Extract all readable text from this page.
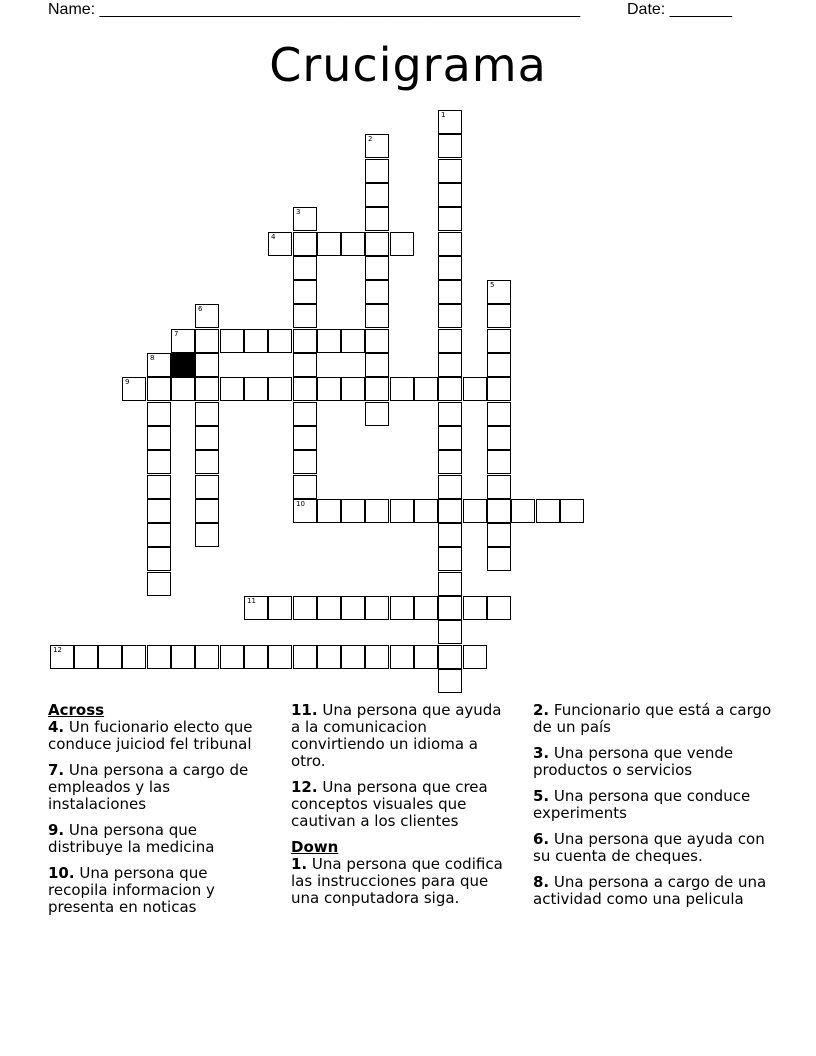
Name: ______________________________________________________	Date: _______
Crucigrama
1
2
3
4
5
6
7
8
9
10
11
12
Across
4. Un fucionario electo que conduce juiciod fel tribunal
7. Una persona a cargo de empleados y las instalaciones
9. Una persona que distribuye la medicina
10. Una persona que recopila informacion y presenta en noticas
11. Una persona que ayuda a la comunicacion convirtiendo un idioma a otro.
12. Una persona que crea conceptos visuales que cautivan a los clientes
Down
1. Una persona que codifica las instrucciones para que una conputadora siga.
2. Funcionario que está a cargo de un país
3. Una persona que vende productos o servicios
5. Una persona que conduce experiments
6. Una persona que ayuda con su cuenta de cheques.
8. Una persona a cargo de una actividad como una pelicula
